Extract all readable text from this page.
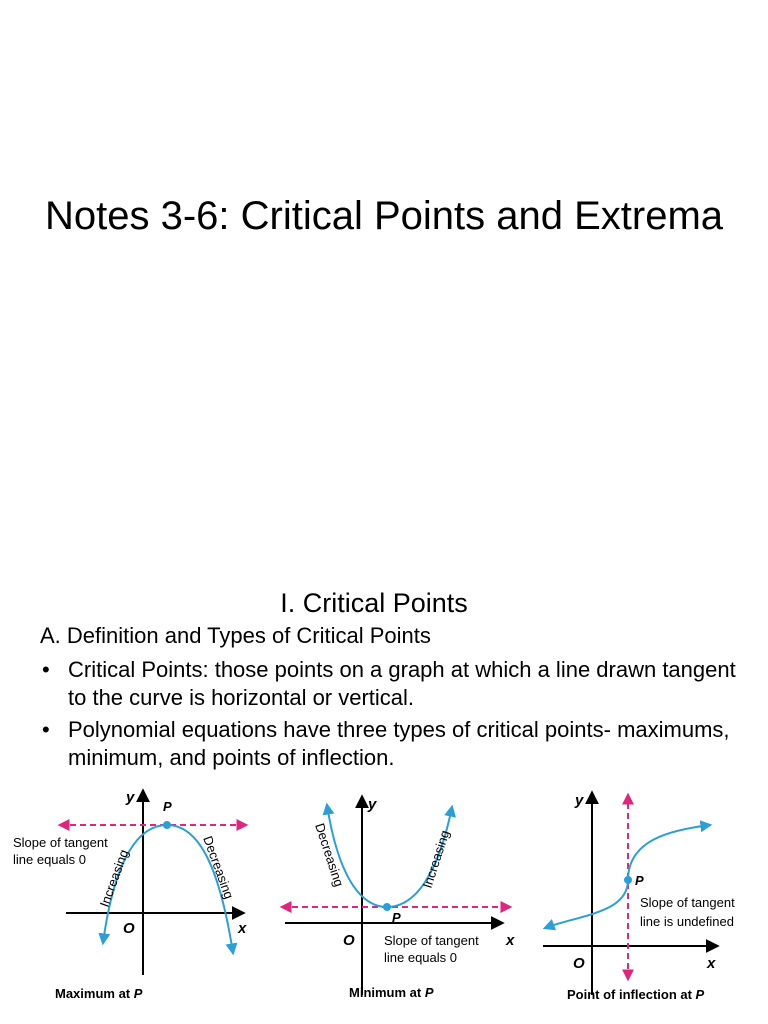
Notes 3-6: Critical Points and Extrema
I. Critical Points
A. Definition and Types of Critical Points
• Critical Points: those points on a graph at which a line drawn tangent to the curve is horizontal or vertical.
• Polynomial equations have three types of critical points- maximums, minimum, and points of inflection.
y
P
O	x
Slope of tangent
line equals 0 Increasing	Decreasing
Maximum at P
y
P
O	x
Slope of tangent
line equals 0
Decreasing	Increasing
Minimum at P
y
P
O	x
Slope of tangent
line is undefined
Point of inflection at P
